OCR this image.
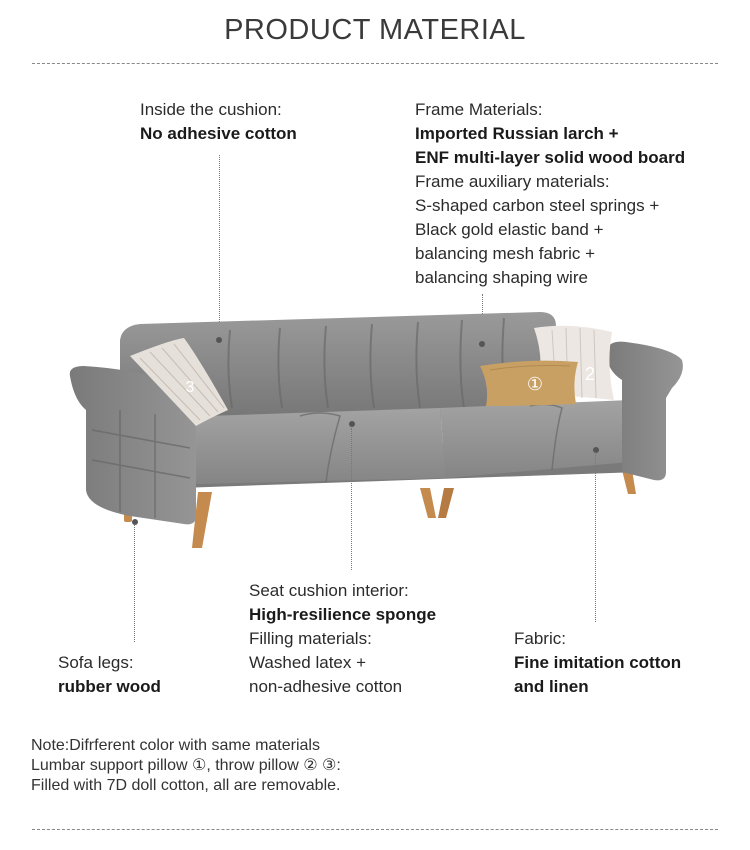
PRODUCT MATERIAL
Inside the cushion:
No adhesive cotton
Frame Materials:
Imported Russian larch +
ENF multi-layer solid wood board
Frame auxiliary materials:
S-shaped carbon steel springs +
Black gold elastic band +
balancing mesh fabric +
balancing shaping wire
3
2
①
Seat cushion interior:
High-resilience sponge
Filling materials:
Washed latex +
non-adhesive cotton
Sofa legs:
rubber wood
Fabric:
Fine imitation cotton
and linen
Note:Difrferent color with same materials
Lumbar support pillow ①, throw pillow ② ③:
Filled with 7D doll cotton, all are removable.
